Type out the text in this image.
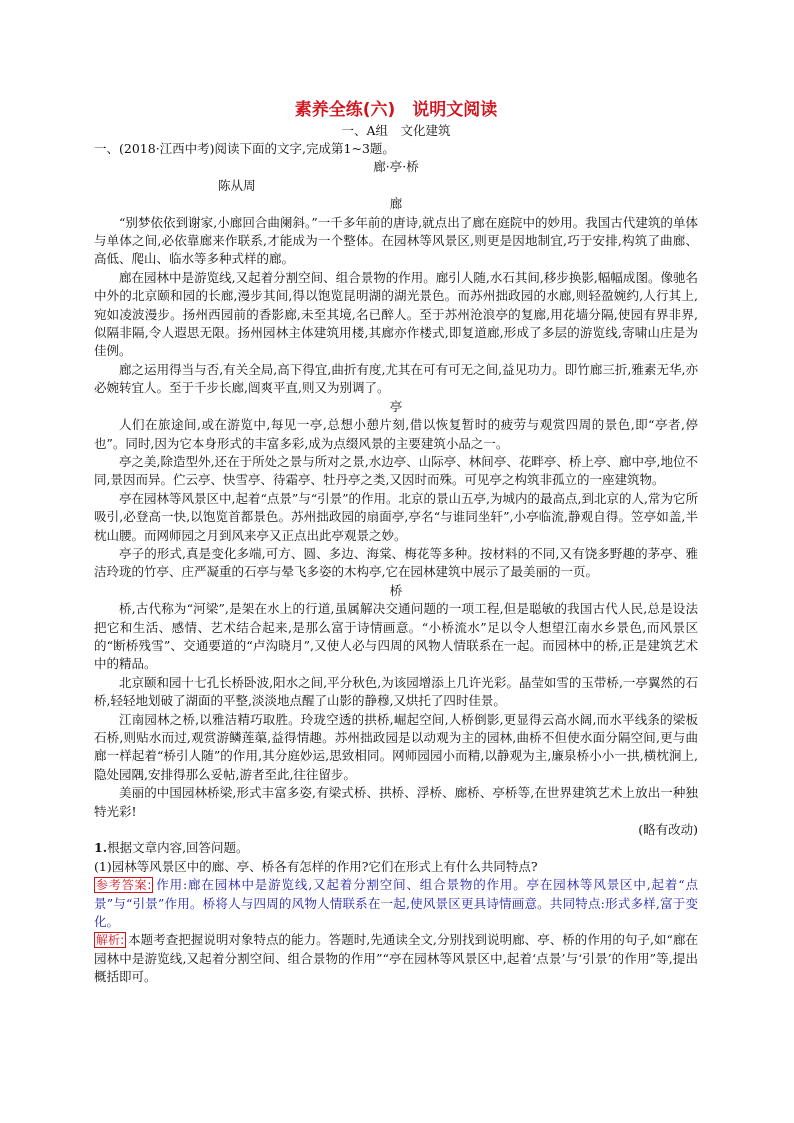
素养全练(六)　说明文阅读
一、A组　文化建筑

一、(2018·江西中考)阅读下面的文字,完成第1~3题。

廊·亭·桥

陈从周

廊

“别梦依依到谢家,小廊回合曲阑斜。”一千多年前的唐诗,就点出了廊在庭院中的妙用。我国古代建筑的单体与单体之间,必依靠廊来作联系,才能成为一个整体。在园林等风景区,则更是因地制宜,巧于安排,构筑了曲廊、高低、爬山、临水等多种式样的廊。

廊在园林中是游览线,又起着分割空间、组合景物的作用。廊引人随,水石其间,移步换影,幅幅成图。像驰名中外的北京颐和园的长廊,漫步其间,得以饱览昆明湖的湖光景色。而苏州拙政园的水廊,则轻盈婉约,人行其上,宛如凌波漫步。扬州西园前的香影廊,未至其境,名已醉人。至于苏州沧浪亭的复廊,用花墙分隔,使园有界非界,似隔非隔,令人遐思无限。扬州园林主体建筑用楼,其廊亦作楼式,即复道廊,形成了多层的游览线,寄啸山庄是为佳例。

廊之运用得当与否,有关全局,高下得宜,曲折有度,尤其在可有可无之间,益见功力。即竹廊三折,雅素无华,亦必婉转宜人。至于千步长廊,闿爽平直,则又为别调了。

亭

人们在旅途间,或在游览中,每见一亭,总想小憩片刻,借以恢复暂时的疲劳与观赏四周的景色,即“亭者,停也”。同时,因为它本身形式的丰富多彩,成为点缀风景的主要建筑小品之一。

亭之美,除造型外,还在于所处之景与所对之景,水边亭、山际亭、林间亭、花畔亭、桥上亭、廊中亭,地位不同,景因而异。伫云亭、快雪亭、待霜亭、牡丹亭之类,又因时而殊。可见亭之构筑非孤立的一座建筑物。

亭在园林等风景区中,起着“点景”与“引景”的作用。北京的景山五亭,为城内的最高点,到北京的人,常为它所吸引,必登高一快,以饱览首都景色。苏州拙政园的扇面亭,亭名“与谁同坐轩”,小亭临流,静观自得。笠亭如盖,半枕山腰。而网师园之月到风来亭又正点出此亭观景之妙。

亭子的形式,真是变化多端,可方、圆、多边、海棠、梅花等多种。按材料的不同,又有饶多野趣的茅亭、雅洁玲珑的竹亭、庄严凝重的石亭与晕飞多姿的木构亭,它在园林建筑中展示了最美丽的一页。

桥

桥,古代称为“河梁”,是架在水上的行道,虽属解决交通问题的一项工程,但是聪敏的我国古代人民,总是设法把它和生活、感情、艺术结合起来,是那么富于诗情画意。“小桥流水”足以令人想望江南水乡景色,而风景区的“断桥残雪”、交通要道的“卢沟晓月”,又使人必与四周的风物人情联系在一起。而园林中的桥,正是建筑艺术中的精品。

北京颐和园十七孔长桥卧波,阳水之间,平分秋色,为该园增添上几许光彩。晶莹如雪的玉带桥,一亭翼然的石桥,轻轻地划破了湖面的平整,淡淡地点醒了山影的静穆,又烘托了四时佳景。

江南园林之桥,以雅洁精巧取胜。玲珑空透的拱桥,崛起空间,人桥倒影,更显得云高水阔,而水平线条的梁板石桥,则贴水而过,观赏游鳞莲蕖,益得情趣。苏州拙政园是以动观为主的园林,曲桥不但使水面分隔空间,更与曲廊一样起着“桥引人随”的作用,其分庭妙运,思致相同。网师园园小而精,以静观为主,廉泉桥小小一拱,横枕涧上,隐处园隅,安排得那么妥帖,游者至此,往往留步。

美丽的中国园林桥梁,形式丰富多姿,有梁式桥、拱桥、浮桥、廊桥、亭桥等,在世界建筑艺术上放出一种独特光彩!

(略有改动)

1.根据文章内容,回答问题。

(1)园林等风景区中的廊、亭、桥各有怎样的作用?它们在形式上有什么共同特点?

参考答案: 作用:廊在园林中是游览线,又起着分割空间、组合景物的作用。亭在园林等风景区中,起着“点景”与“引景”作用。桥将人与四周的风物人情联系在一起,使风景区更具诗情画意。共同特点:形式多样,富于变化。

解析: 本题考查把握说明对象特点的能力。答题时,先通读全文,分别找到说明廊、亭、桥的作用的句子,如“廊在园林中是游览线,又起着分割空间、组合景物的作用”“亭在园林等风景区中,起着‘点景’与‘引景’的作用”等,提出概括即可。
